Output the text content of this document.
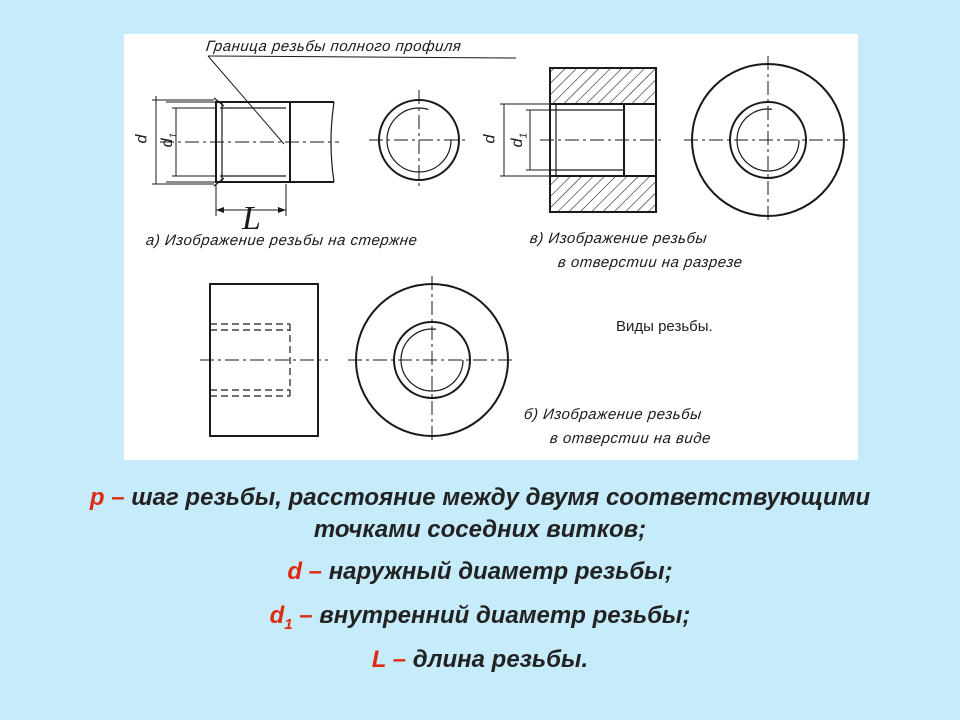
Граница резьбы полного профиля
d $d_1$
L
а) Изображение резьбы на стержне
d $d_1$
в) Изображение резьбы
в отверстии на разрезе
Виды резьбы.
б) Изображение резьбы
в отверстии на виде
p – шаг резьбы, расстояние между двумя соответствующими
точками соседних витков;
d – наружный диаметр резьбы;
$d_1$ – внутренний диаметр резьбы;
L – длина резьбы.
